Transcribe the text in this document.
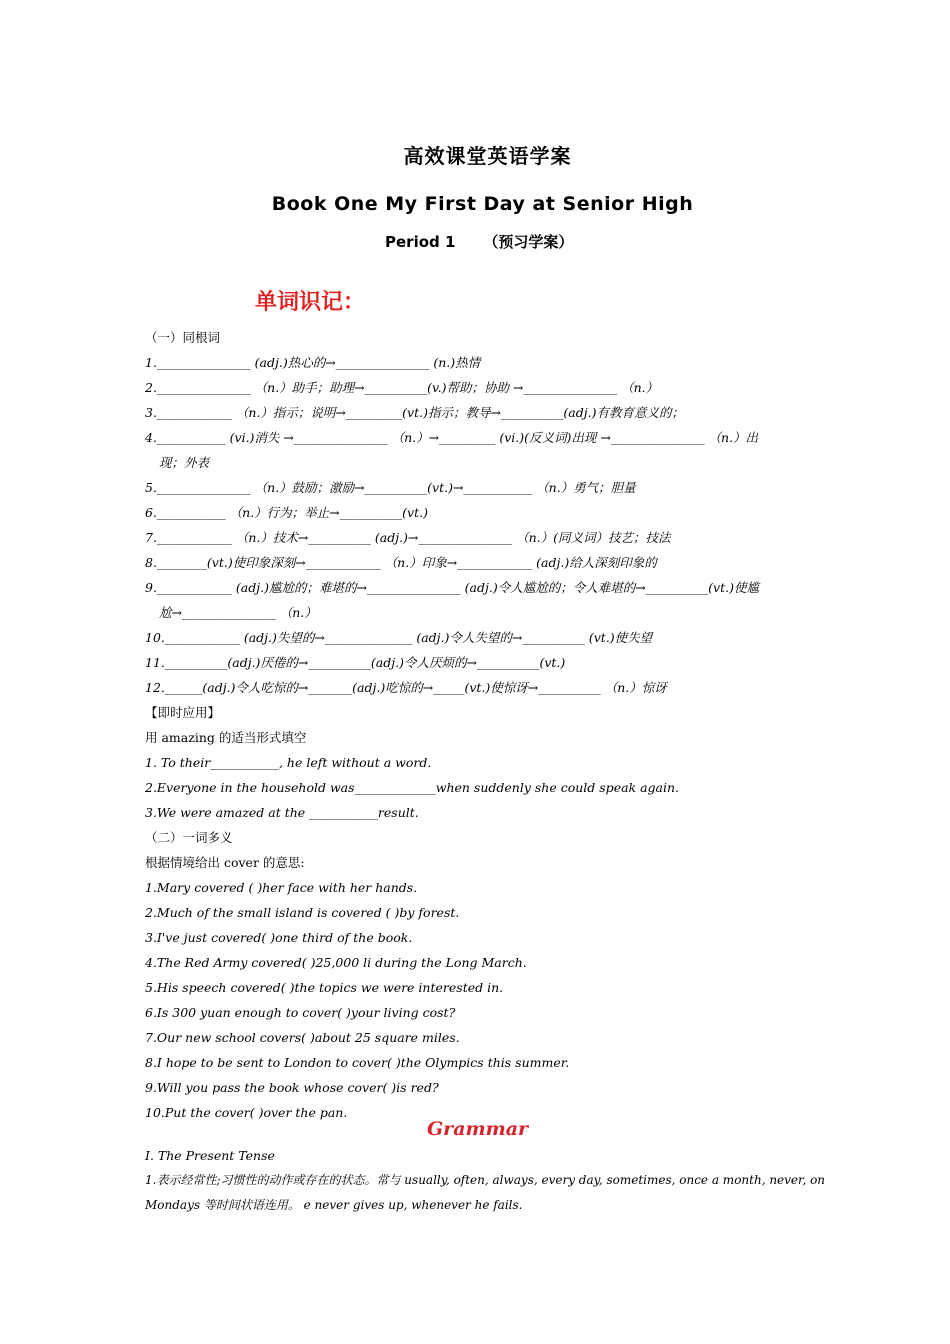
高效课堂英语学案
Book One My First Day at Senior High
Period 1 （预习学案）
单词识记：
（一）同根词
1._______________ (adj.)热心的→_______________ (n.)热情
2._______________ （n.）助手；助理→__________(v.)帮助；协助 →_______________ （n.）
3.____________ （n.）指示；说明→_________(vt.)指示；教导→__________(adj.)有教育意义的；
4.___________ (vi.)消失 →_______________ （n.）→_________ (vi.)(反义词)出现 →_______________ （n.）出
现；外表
5._______________ （n.）鼓励；激励→__________(vt.)→___________ （n.）勇气；胆量
6.___________ （n.）行为；举止→__________(vt.)
7.____________ （n.）技术→__________ (adj.)→_______________ （n.）(同义词）技艺；技法
8.________(vt.)使印象深刻→____________ （n.）印象→____________ (adj.)给人深刻印象的
9.____________ (adj.)尴尬的；难堪的→_______________ (adj.)令人尴尬的；令人难堪的→__________(vt.)使尴
尬→_______________ （n.）
10.____________ (adj.)失望的→______________ (adj.)令人失望的→__________ (vt.)使失望
11.__________(adj.)厌倦的→__________(adj.)令人厌烦的→__________(vt.)
12.______(adj.)令人吃惊的→_______(adj.)吃惊的→_____(vt.)使惊讶→__________ （n.）惊讶
【即时应用】
用 amazing 的适当形式填空
1. To their___________, he left without a word.
2.Everyone in the household was_____________when suddenly she could speak again.
3.We were amazed at the ___________result.
（二）一词多义
根据情境给出 cover 的意思:
1.Mary covered ( )her face with her hands.
2.Much of the small island is covered ( )by forest.
3.I've just covered( )one third of the book.
4.The Red Army covered( )25,000 li during the Long March.
5.His speech covered( )the topics we were interested in.
6.Is 300 yuan enough to cover( )your living cost?
7.Our new school covers( )about 25 square miles.
8.I hope to be sent to London to cover( )the Olympics this summer.
9.Will you pass the book whose cover( )is red?
10.Put the cover( )over the pan.
Grammar
I. The Present Tense
1.表示经常性;习惯性的动作或存在的状态。常与 usually, often, always, every day, sometimes, once a month, never, on
Mondays 等时间状语连用。 e never gives up, whenever he fails.
